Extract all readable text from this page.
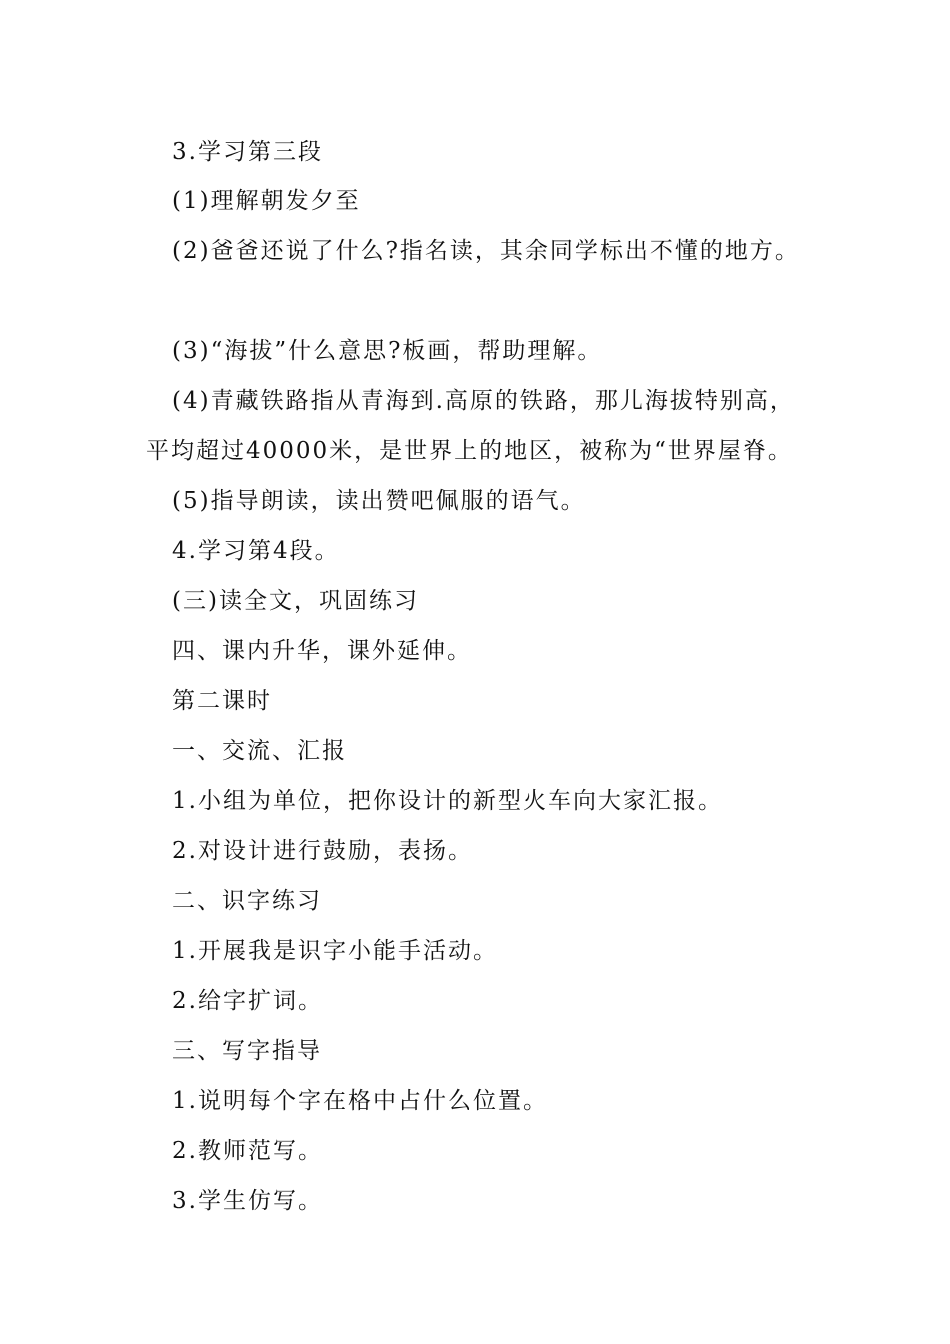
3.学习第三段
(1)理解朝发夕至
(2)爸爸还说了什么?指名读，其余同学标出不懂的地方。
(3)“海拔”什么意思?板画，帮助理解。
(4)青藏铁路指从青海到.高原的铁路，那儿海拔特别高，
平均超过40000米，是世界上的地区，被称为“世界屋脊。
(5)指导朗读，读出赞吧佩服的语气。
4.学习第4段。
(三)读全文，巩固练习
四、课内升华，课外延伸。
第二课时
一、交流、汇报
1.小组为单位，把你设计的新型火车向大家汇报。
2.对设计进行鼓励，表扬。
二、识字练习
1.开展我是识字小能手活动。
2.给字扩词。
三、写字指导
1.说明每个字在格中占什么位置。
2.教师范写。
3.学生仿写。
